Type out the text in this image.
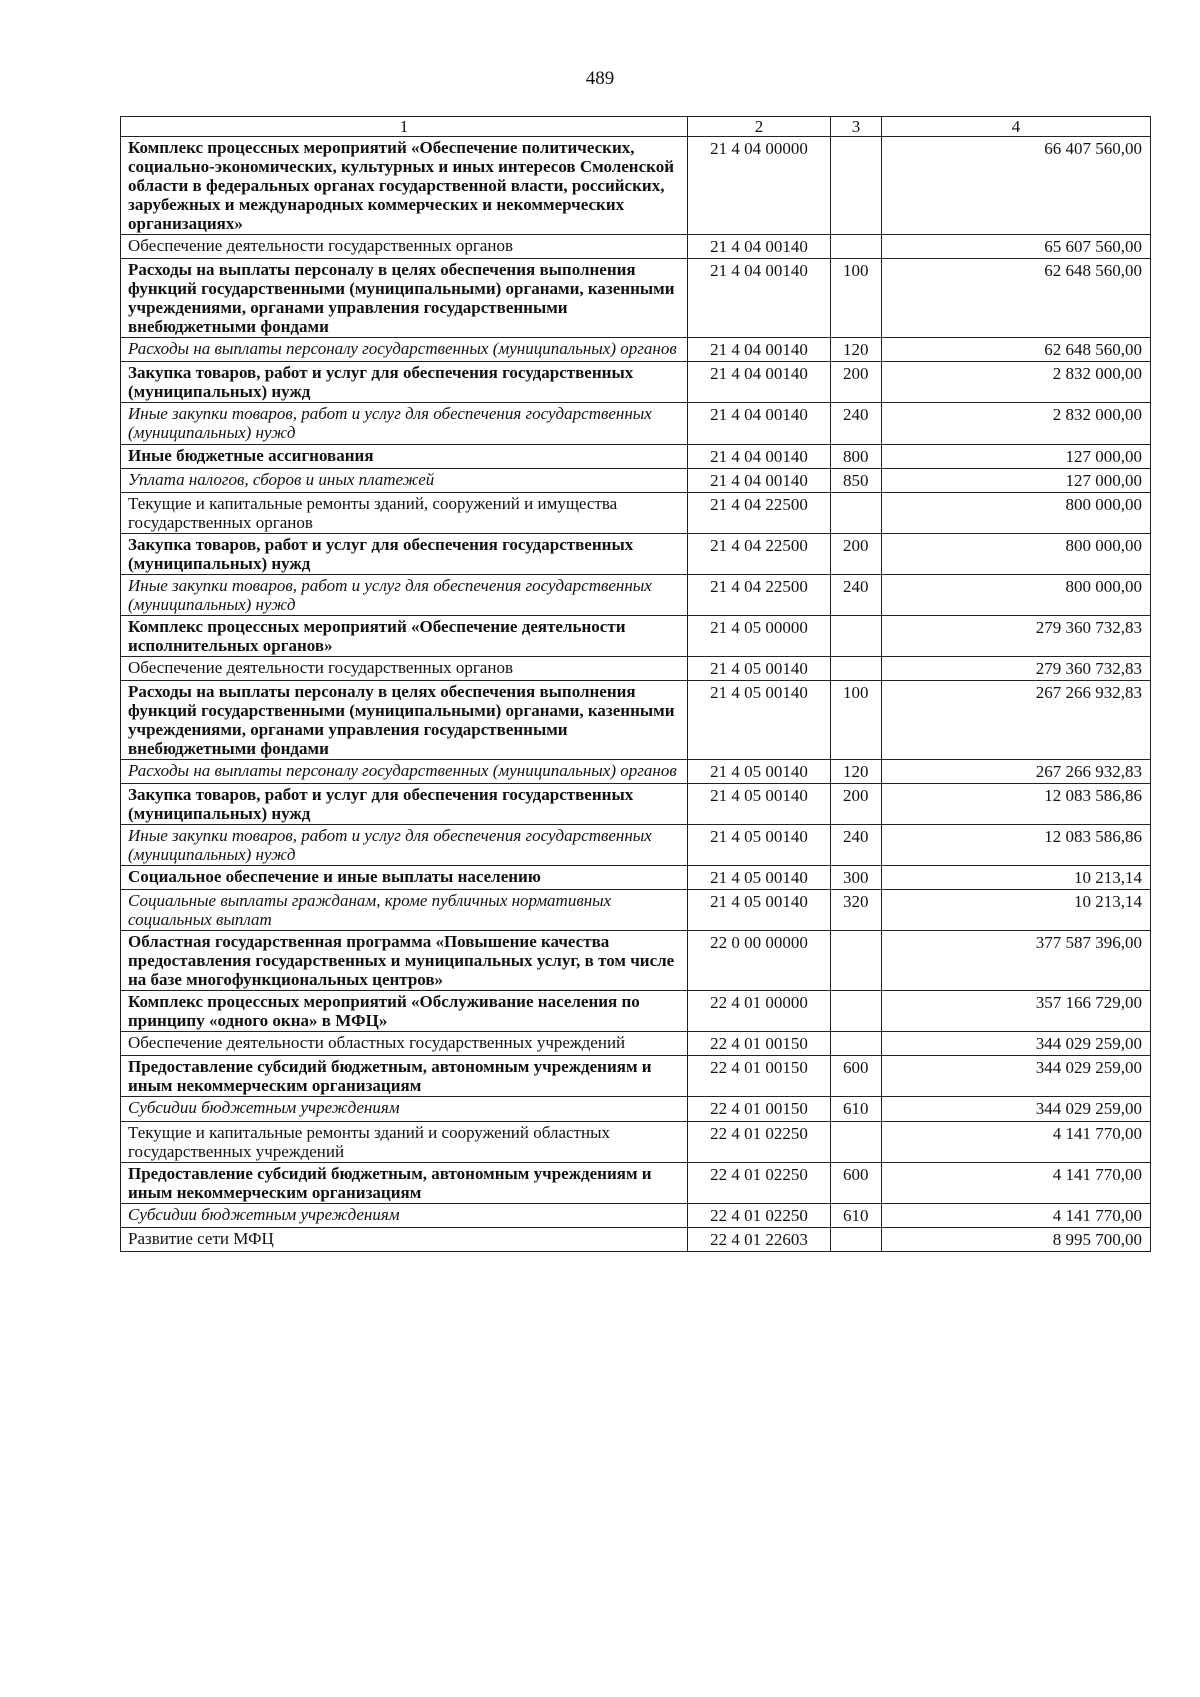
489
1	2	3	4
Комплекс процессных мероприятий «Обеспечение политических, социально-экономических, культурных и иных интересов Смоленской области в федеральных органах государственной власти, российских, зарубежных и международных коммерческих и некоммерческих организациях»	21 4 04 00000		66 407 560,00
Обеспечение деятельности государственных органов	21 4 04 00140		65 607 560,00
Расходы на выплаты персоналу в целях обеспечения выполнения функций государственными (муниципальными) органами, казенными учреждениями, органами управления государственными внебюджетными фондами	21 4 04 00140	100	62 648 560,00
Расходы на выплаты персоналу государственных (муниципальных) органов	21 4 04 00140	120	62 648 560,00
Закупка товаров, работ и услуг для обеспечения государственных (муниципальных) нужд	21 4 04 00140	200	2 832 000,00
Иные закупки товаров, работ и услуг для обеспечения государственных (муниципальных) нужд	21 4 04 00140	240	2 832 000,00
Иные бюджетные ассигнования	21 4 04 00140	800	127 000,00
Уплата налогов, сборов и иных платежей	21 4 04 00140	850	127 000,00
Текущие и капитальные ремонты зданий, сооружений и имущества государственных органов	21 4 04 22500		800 000,00
Закупка товаров, работ и услуг для обеспечения государственных (муниципальных) нужд	21 4 04 22500	200	800 000,00
Иные закупки товаров, работ и услуг для обеспечения государственных (муниципальных) нужд	21 4 04 22500	240	800 000,00
Комплекс процессных мероприятий «Обеспечение деятельности исполнительных органов»	21 4 05 00000		279 360 732,83
Обеспечение деятельности государственных органов	21 4 05 00140		279 360 732,83
Расходы на выплаты персоналу в целях обеспечения выполнения функций государственными (муниципальными) органами, казенными учреждениями, органами управления государственными внебюджетными фондами	21 4 05 00140	100	267 266 932,83
Расходы на выплаты персоналу государственных (муниципальных) органов	21 4 05 00140	120	267 266 932,83
Закупка товаров, работ и услуг для обеспечения государственных (муниципальных) нужд	21 4 05 00140	200	12 083 586,86
Иные закупки товаров, работ и услуг для обеспечения государственных (муниципальных) нужд	21 4 05 00140	240	12 083 586,86
Социальное обеспечение и иные выплаты населению	21 4 05 00140	300	10 213,14
Социальные выплаты гражданам, кроме публичных нормативных социальных выплат	21 4 05 00140	320	10 213,14
Областная государственная программа «Повышение качества предоставления государственных и муниципальных услуг, в том числе на базе многофункциональных центров»	22 0 00 00000		377 587 396,00
Комплекс процессных мероприятий «Обслуживание населения по принципу «одного окна» в МФЦ»	22 4 01 00000		357 166 729,00
Обеспечение деятельности областных государственных учреждений	22 4 01 00150		344 029 259,00
Предоставление субсидий бюджетным, автономным учреждениям и иным некоммерческим организациям	22 4 01 00150	600	344 029 259,00
Субсидии бюджетным учреждениям	22 4 01 00150	610	344 029 259,00
Текущие и капитальные ремонты зданий и сооружений областных государственных учреждений	22 4 01 02250		4 141 770,00
Предоставление субсидий бюджетным, автономным учреждениям и иным некоммерческим организациям	22 4 01 02250	600	4 141 770,00
Субсидии бюджетным учреждениям	22 4 01 02250	610	4 141 770,00
Развитие сети МФЦ	22 4 01 22603		8 995 700,00
